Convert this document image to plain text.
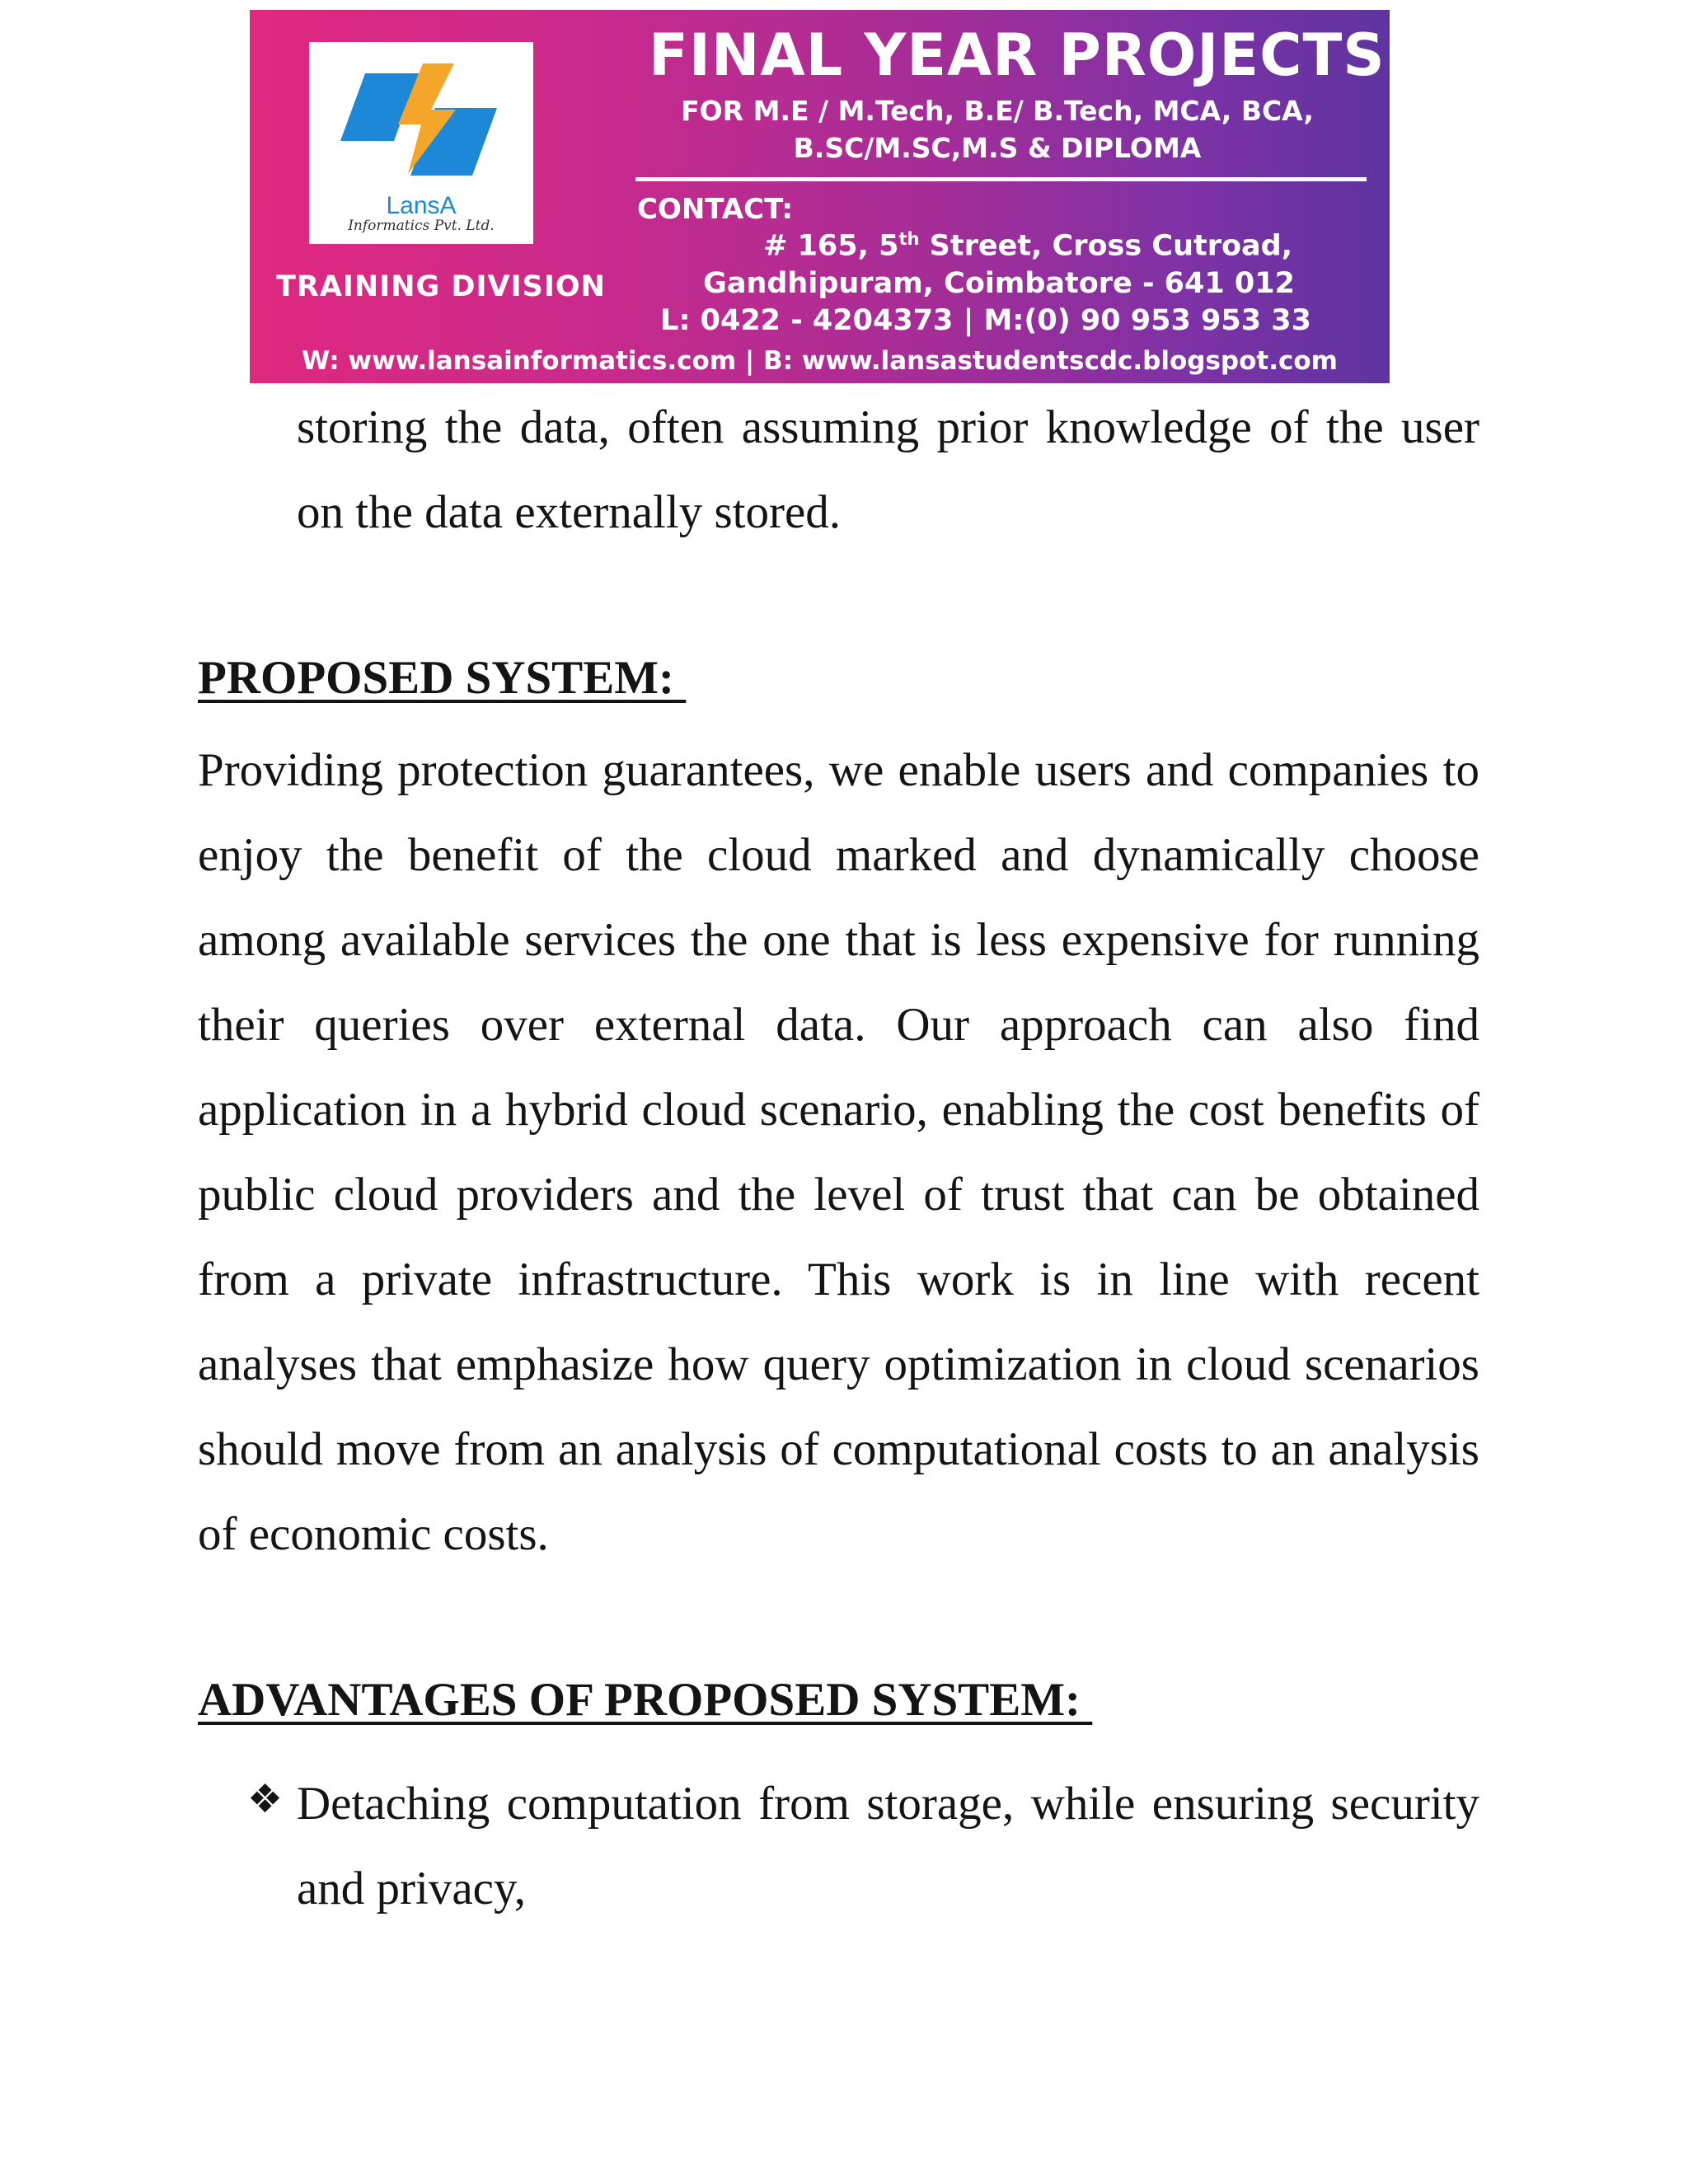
LansA
Informatics Pvt. Ltd.
TRAINING DIVISION
FINAL YEAR PROJECTS
FOR M.E / M.Tech, B.E/ B.Tech, MCA, BCA,
B.SC/M.SC,M.S & DIPLOMA
CONTACT:
# 165, 5th Street, Cross Cutroad,
Gandhipuram, Coimbatore - 641 012
L: 0422 - 4204373 | M:(0) 90 953 953 33
W: www.lansainformatics.com | B: www.lansastudentscdc.blogspot.com
storing the data, often assuming prior knowledge of the user on the data externally stored.
PROPOSED SYSTEM:
Providing protection guarantees, we enable users and companies to enjoy the benefit of the cloud marked and dynamically choose among available services the one that is less expensive for running their queries over external data. Our approach can also find application in a hybrid cloud scenario, enabling the cost benefits of public cloud providers and the level of trust that can be obtained from a private infrastructure. This work is in line with recent analyses that emphasize how query optimization in cloud scenarios should move from an analysis of computational costs to an analysis of economic costs.
ADVANTAGES OF PROPOSED SYSTEM:
❖ Detaching computation from storage, while ensuring security and privacy,
